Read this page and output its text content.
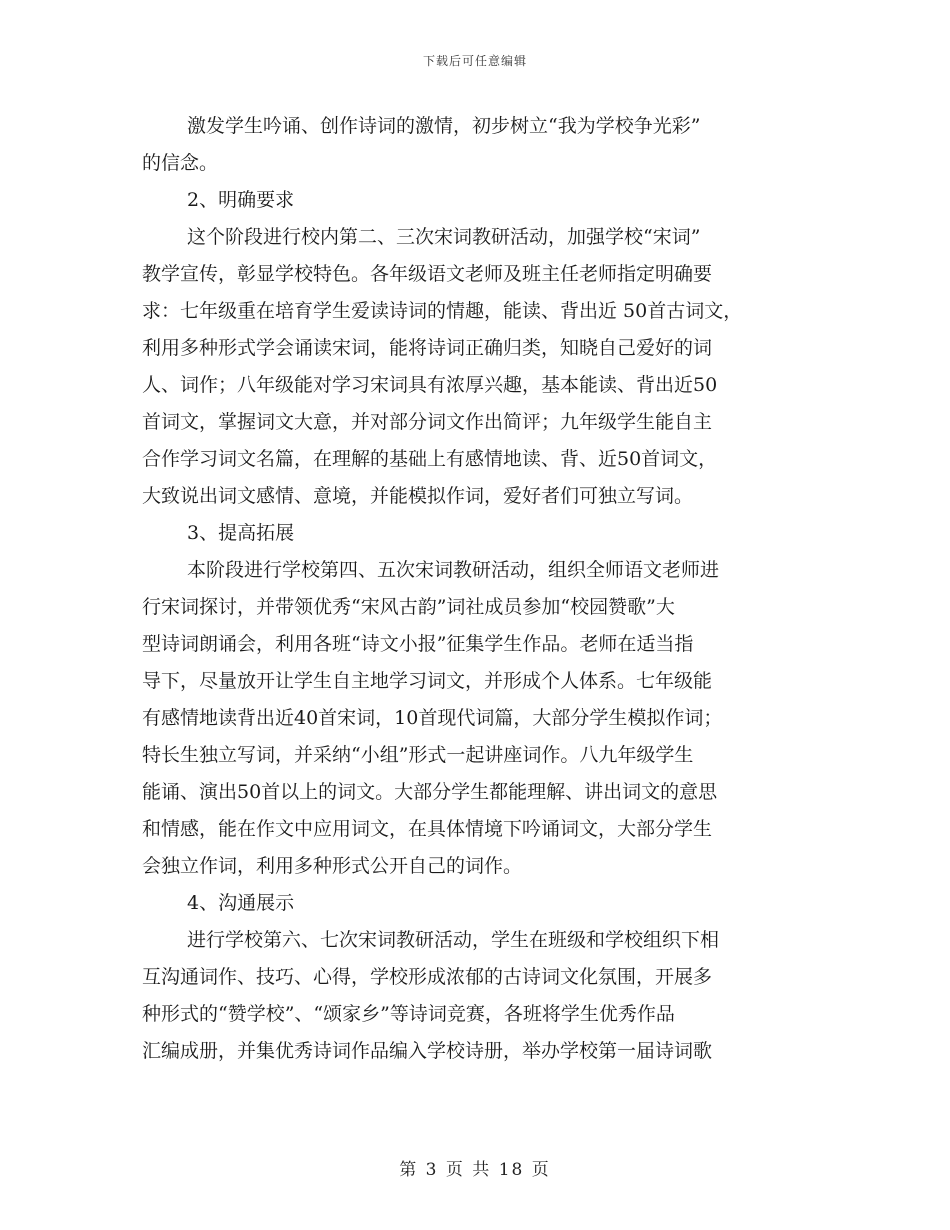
下载后可任意编辑
激发学生吟诵、创作诗词的激情，初步树立“我为学校争光彩”
的信念。
2、明确要求
这个阶段进行校内第二、三次宋词教研活动，加强学校“宋词”
教学宣传，彰显学校特色。各年级语文老师及班主任老师指定明确要
求：七年级重在培育学生爱读诗词的情趣，能读、背出近 50首古词文，
利用多种形式学会诵读宋词，能将诗词正确归类，知晓自己爱好的词
人、词作；八年级能对学习宋词具有浓厚兴趣，基本能读、背出近50
首词文，掌握词文大意，并对部分词文作出简评；九年级学生能自主
合作学习词文名篇，在理解的基础上有感情地读、背、近50首词文，
大致说出词文感情、意境，并能模拟作词，爱好者们可独立写词。
3、提高拓展
本阶段进行学校第四、五次宋词教研活动，组织全师语文老师进
行宋词探讨，并带领优秀“宋风古韵”词社成员参加“校园赞歌”大
型诗词朗诵会，利用各班“诗文小报”征集学生作品。老师在适当指
导下，尽量放开让学生自主地学习词文，并形成个人体系。七年级能
有感情地读背出近40首宋词，10首现代词篇，大部分学生模拟作词；
特长生独立写词，并采纳“小组”形式一起讲座词作。八九年级学生
能诵、演出50首以上的词文。大部分学生都能理解、讲出词文的意思
和情感，能在作文中应用词文，在具体情境下吟诵词文，大部分学生
会独立作词，利用多种形式公开自己的词作。
4、沟通展示
进行学校第六、七次宋词教研活动，学生在班级和学校组织下相
互沟通词作、技巧、心得，学校形成浓郁的古诗词文化氛围，开展多
种形式的“赞学校”、“颂家乡”等诗词竞赛，各班将学生优秀作品
汇编成册，并集优秀诗词作品编入学校诗册，举办学校第一届诗词歌
第 3 页 共 18 页
